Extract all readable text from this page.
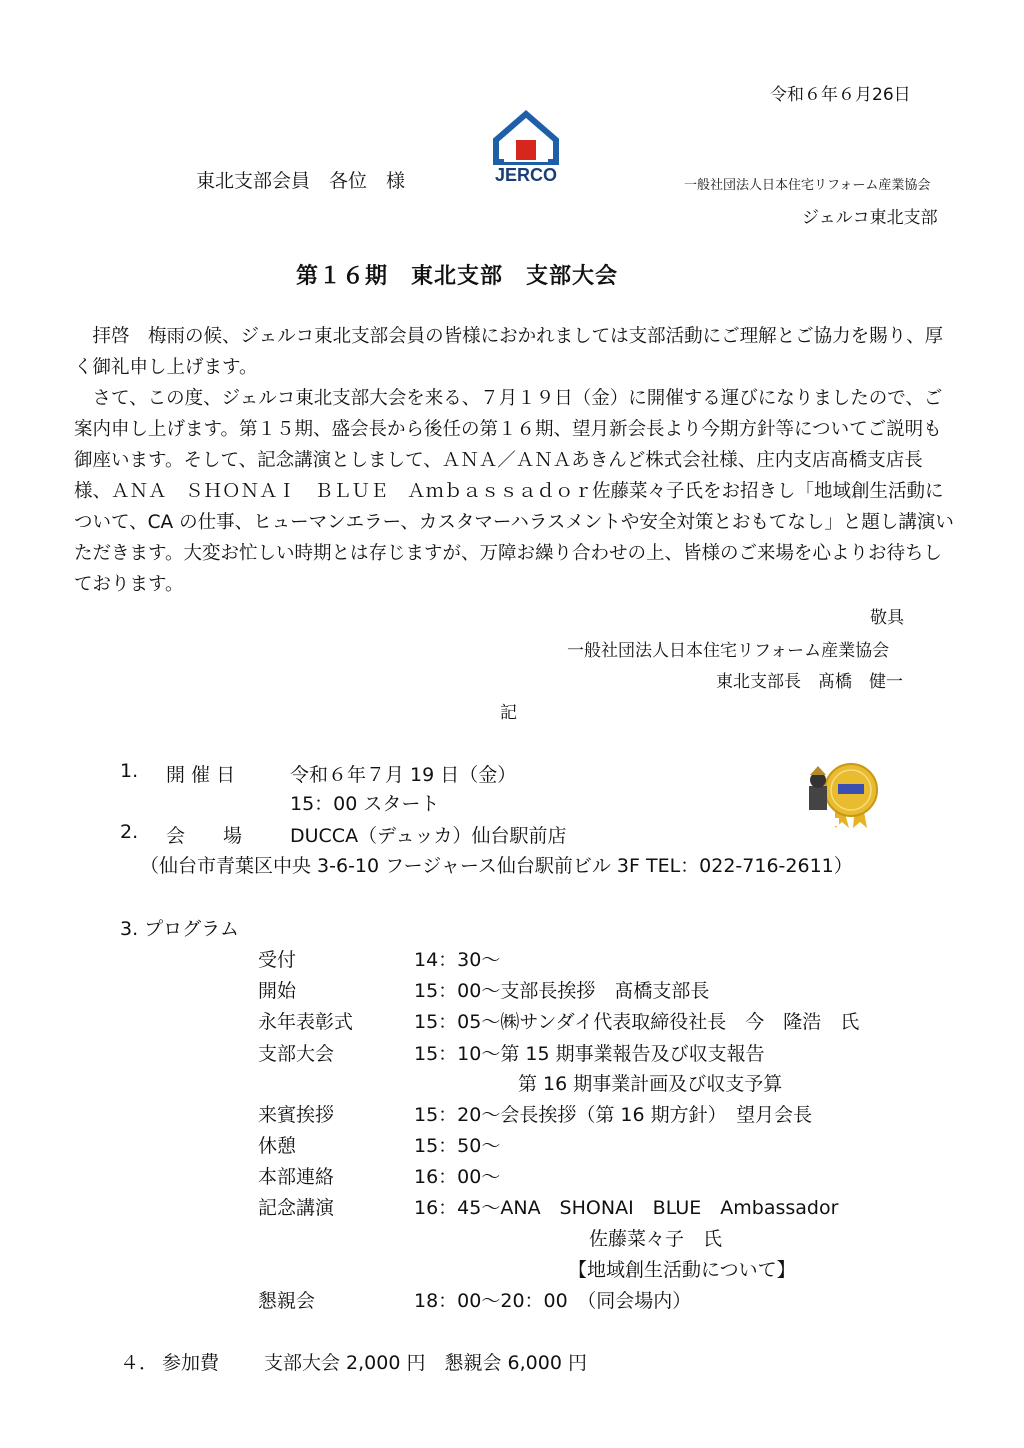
令和６年６月26日
JERCO
東北支部会員　各位　様	一般社団法人日本住宅リフォーム産業協会
ジェルコ東北支部
第１６期　東北支部　支部大会

拝啓　梅雨の候、ジェルコ東北支部会員の皆様におかれましては支部活動にご理解とご協力を賜り、厚く御礼申し上げます。

さて、この度、ジェルコ東北支部大会を来る、７月１９日（金）に開催する運びになりましたので、ご案内申し上げます。第１５期、盛会長から後任の第１６期、望月新会長より今期方針等についてご説明も御座います。そして、記念講演としまして、ＡＮＡ／ＡＮＡあきんど株式会社様、庄内支店髙橋支店長様、ＡＮＡ　ＳＨＯＮＡＩ　ＢＬＵＥ　Ａｍｂａｓｓａｄｏｒ佐藤菜々子氏をお招きし「地域創生活動について、CA の仕事、ヒューマンエラー、カスタマーハラスメントや安全対策とおもてなし」と題し講演いただきます。大変お忙しい時期とは存じますが、万障お繰り合わせの上、皆様のご来場を心よりお待ちしております。

敬具
一般社団法人日本住宅リフォーム産業協会
東北支部長　髙橋　健一
記
1. 開 催 日	令和６年７月 19 日（金）
15：00 スタート
2. 会　　場	DUCCA（デュッカ）仙台駅前店
（仙台市青葉区中央 3-6-10 フージャース仙台駅前ビル 3F TEL：022-716-2611）
3. プログラム
受付	14：30～
開始	15：00～支部長挨拶　髙橋支部長
永年表彰式	15：05～㈱サンダイ代表取締役社長　今　隆浩　氏
支部大会	15：10～第 15 期事業報告及び収支報告
第 16 期事業計画及び収支予算
来賓挨拶	15：20～会長挨拶（第 16 期方針）　望月会長
休憩	15：50～
本部連絡	16：00～
記念講演	16：45～ANA　SHONAI　BLUE　Ambassador
佐藤菜々子　氏
【地域創生活動について】
懇親会	18：00～20：00　（同会場内）
４． 参加費 支部大会 2,000 円　懇親会 6,000 円
